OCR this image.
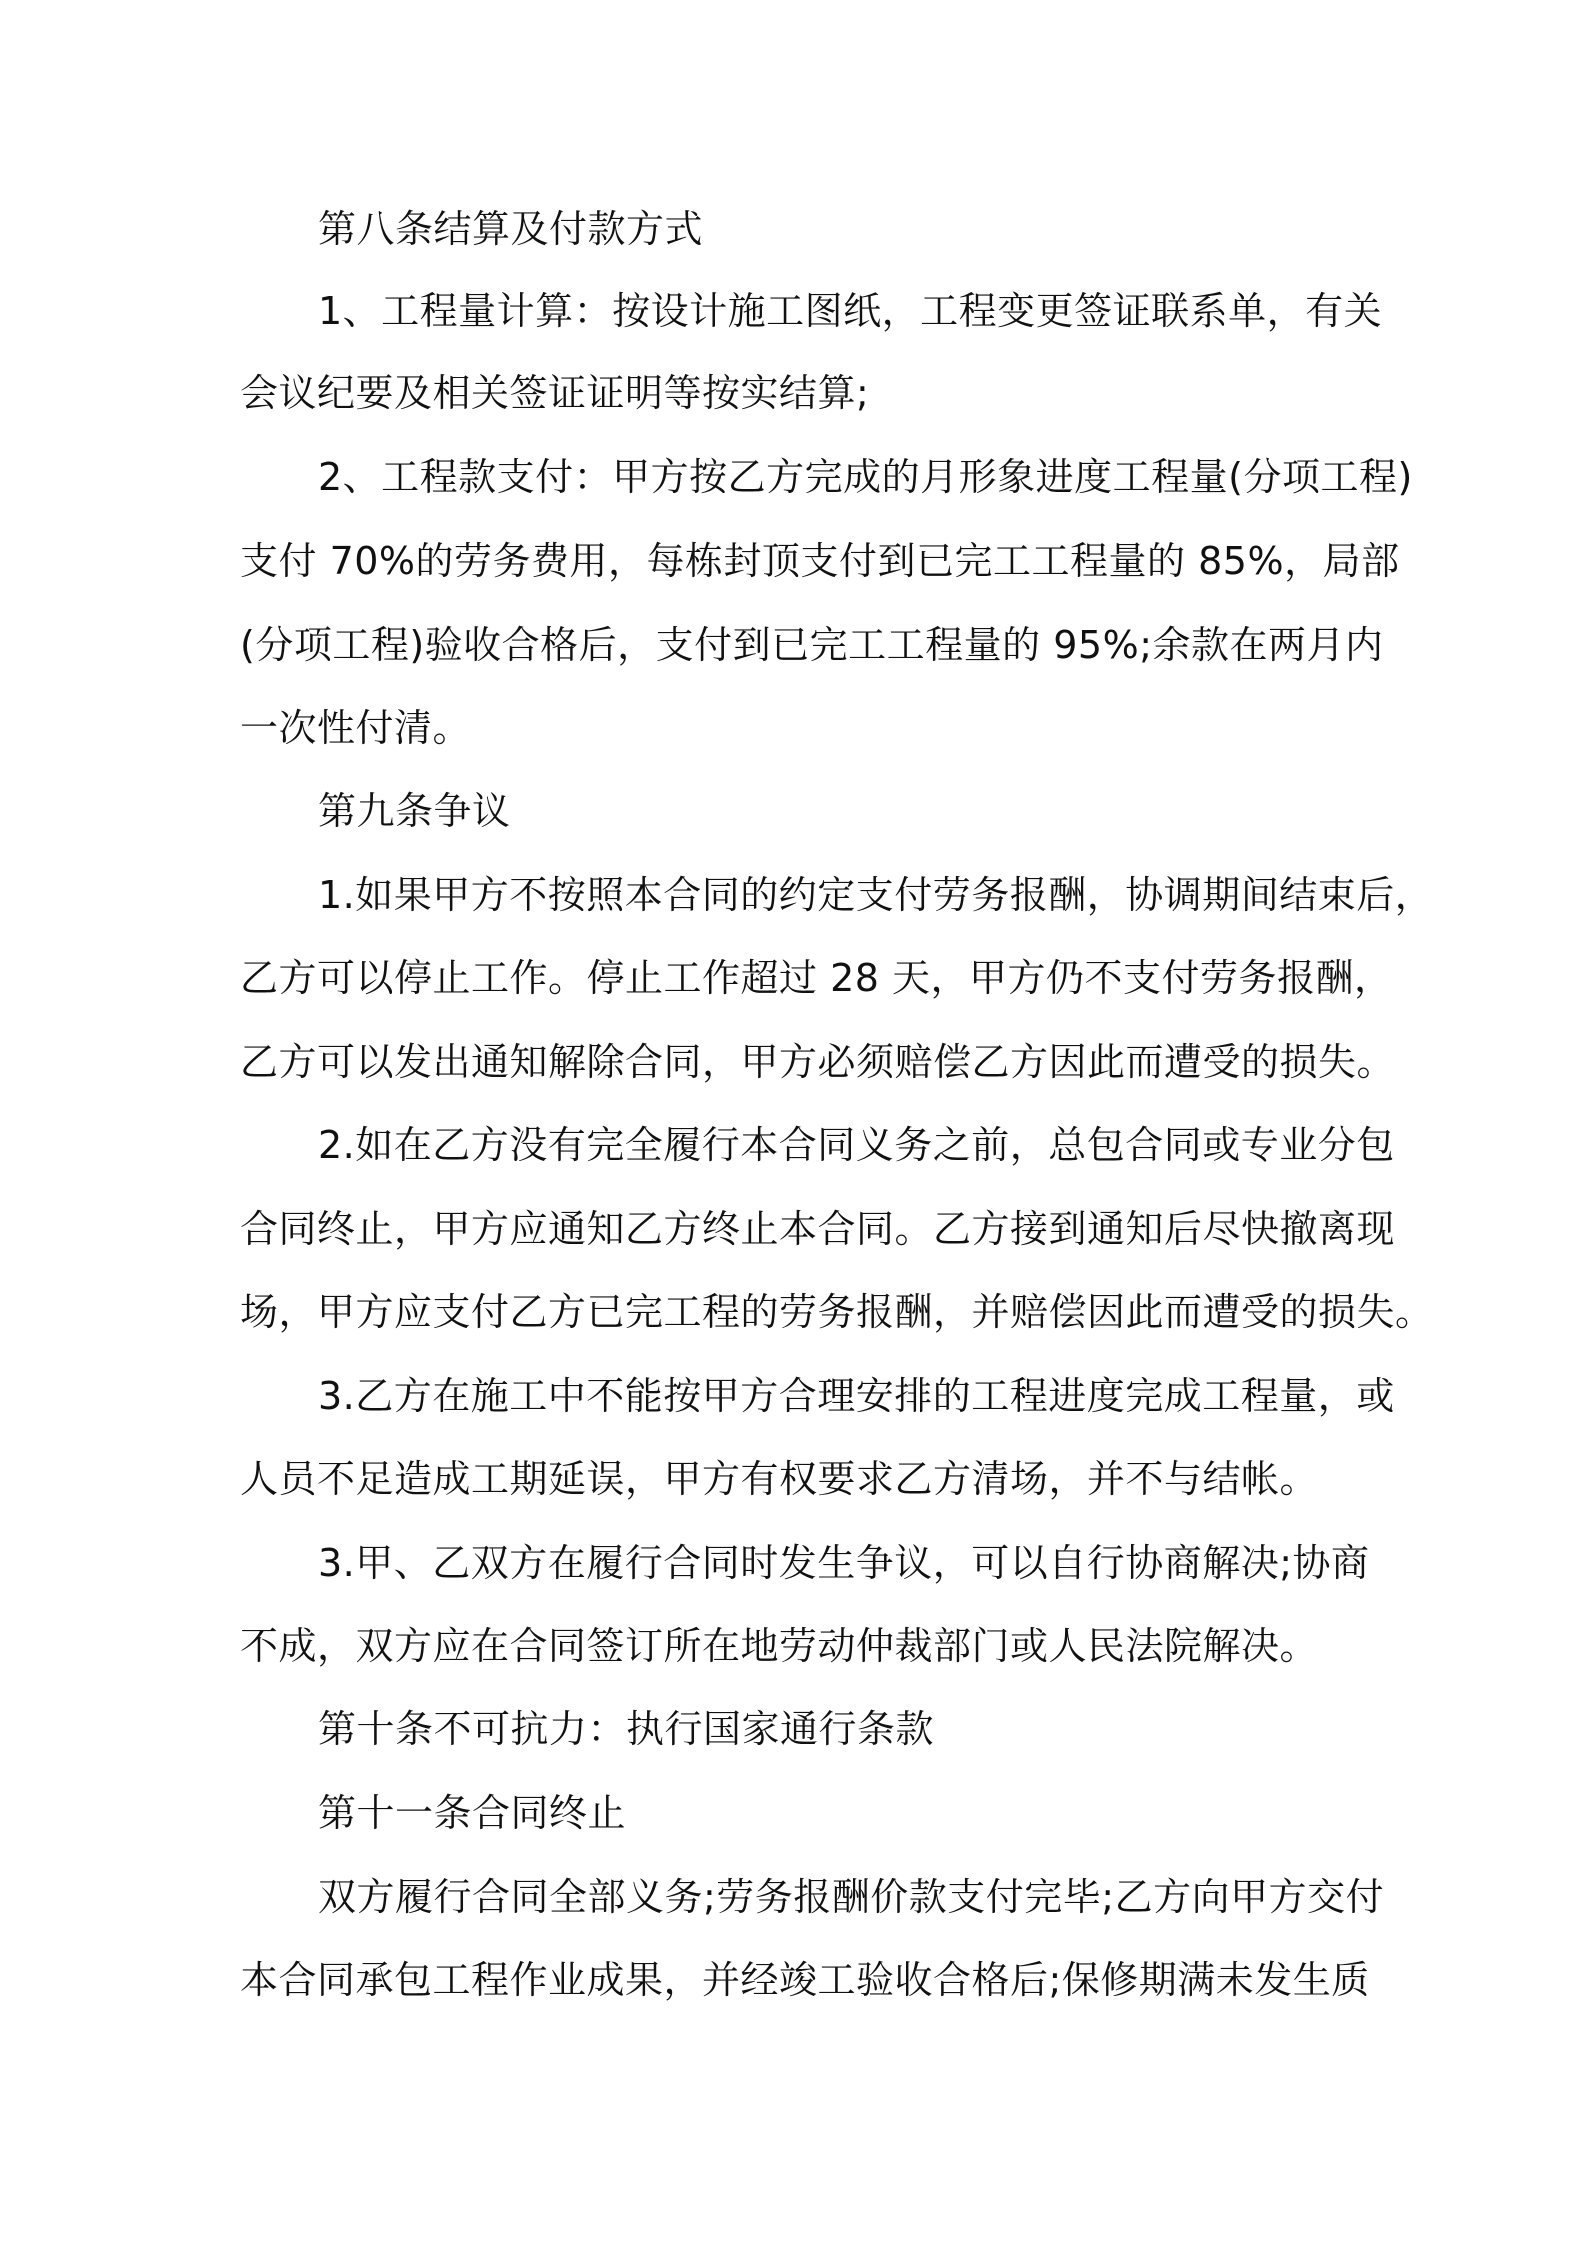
第八条结算及付款方式

1、工程量计算：按设计施工图纸，工程变更签证联系单，有关

会议纪要及相关签证证明等按实结算;

2、工程款支付：甲方按乙方完成的月形象进度工程量(分项工程)

支付 70%的劳务费用，每栋封顶支付到已完工工程量的 85%，局部

(分项工程)验收合格后，支付到已完工工程量的 95%;余款在两月内

一次性付清。

第九条争议

1.如果甲方不按照本合同的约定支付劳务报酬，协调期间结束后，

乙方可以停止工作。停止工作超过 28 天，甲方仍不支付劳务报酬，

乙方可以发出通知解除合同，甲方必须赔偿乙方因此而遭受的损失。

2.如在乙方没有完全履行本合同义务之前，总包合同或专业分包

合同终止，甲方应通知乙方终止本合同。乙方接到通知后尽快撤离现

场，甲方应支付乙方已完工程的劳务报酬，并赔偿因此而遭受的损失。

3.乙方在施工中不能按甲方合理安排的工程进度完成工程量，或

人员不足造成工期延误，甲方有权要求乙方清场，并不与结帐。

3.甲、乙双方在履行合同时发生争议，可以自行协商解决;协商

不成，双方应在合同签订所在地劳动仲裁部门或人民法院解决。

第十条不可抗力：执行国家通行条款

第十一条合同终止

双方履行合同全部义务;劳务报酬价款支付完毕;乙方向甲方交付

本合同承包工程作业成果，并经竣工验收合格后;保修期满未发生质
